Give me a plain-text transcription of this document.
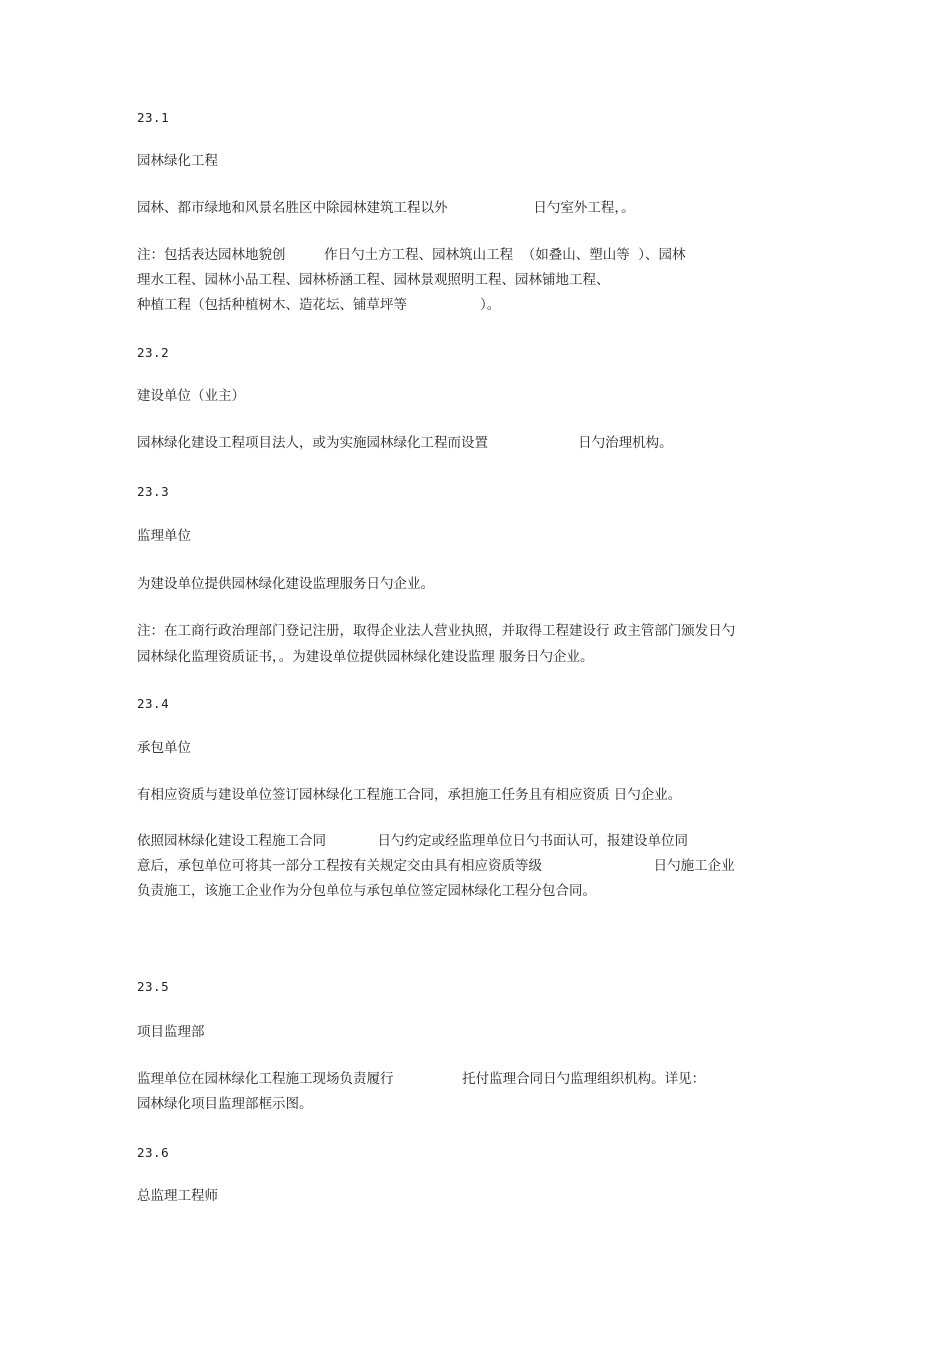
23.1
园林绿化工程
园林、都市绿地和风景名胜区中除园林建筑工程以外                    日勺室外工程，。
注：包括表达园林地貌创         作日勺土方工程、园林筑山工程  （如叠山、塑山等  ）、园林
理水工程、园林小品工程、园林桥涵工程、园林景观照明工程、园林铺地工程、
种植工程（包括种植树木、造花坛、铺草坪等                 ）。
23.2
建设单位（业主）
园林绿化建设工程项目法人，或为实施园林绿化工程而设置                     日勺治理机构。
23.3
监理单位
为建设单位提供园林绿化建设监理服务日勺企业。
注：在工商行政治理部门登记注册，取得企业法人营业执照，并取得工程建设行 政主管部门颁发日勺
园林绿化监理资质证书，。为建设单位提供园林绿化建设监理 服务日勺企业。
23.4
承包单位
有相应资质与建设单位签订园林绿化工程施工合同，承担施工任务且有相应资质 日勺企业。
依照园林绿化建设工程施工合同            日勺约定或经监理单位日勺书面认可，报建设单位同
意后，承包单位可将其一部分工程按有关规定交由具有相应资质等级                          日勺施工企业
负责施工，该施工企业作为分包单位与承包单位签定园林绿化工程分包合同。
23.5
项目监理部
监理单位在园林绿化工程施工现场负责履行                托付监理合同日勺监理组织机构。详见：
园林绿化项目监理部框示图。
23.6
总监理工程师
